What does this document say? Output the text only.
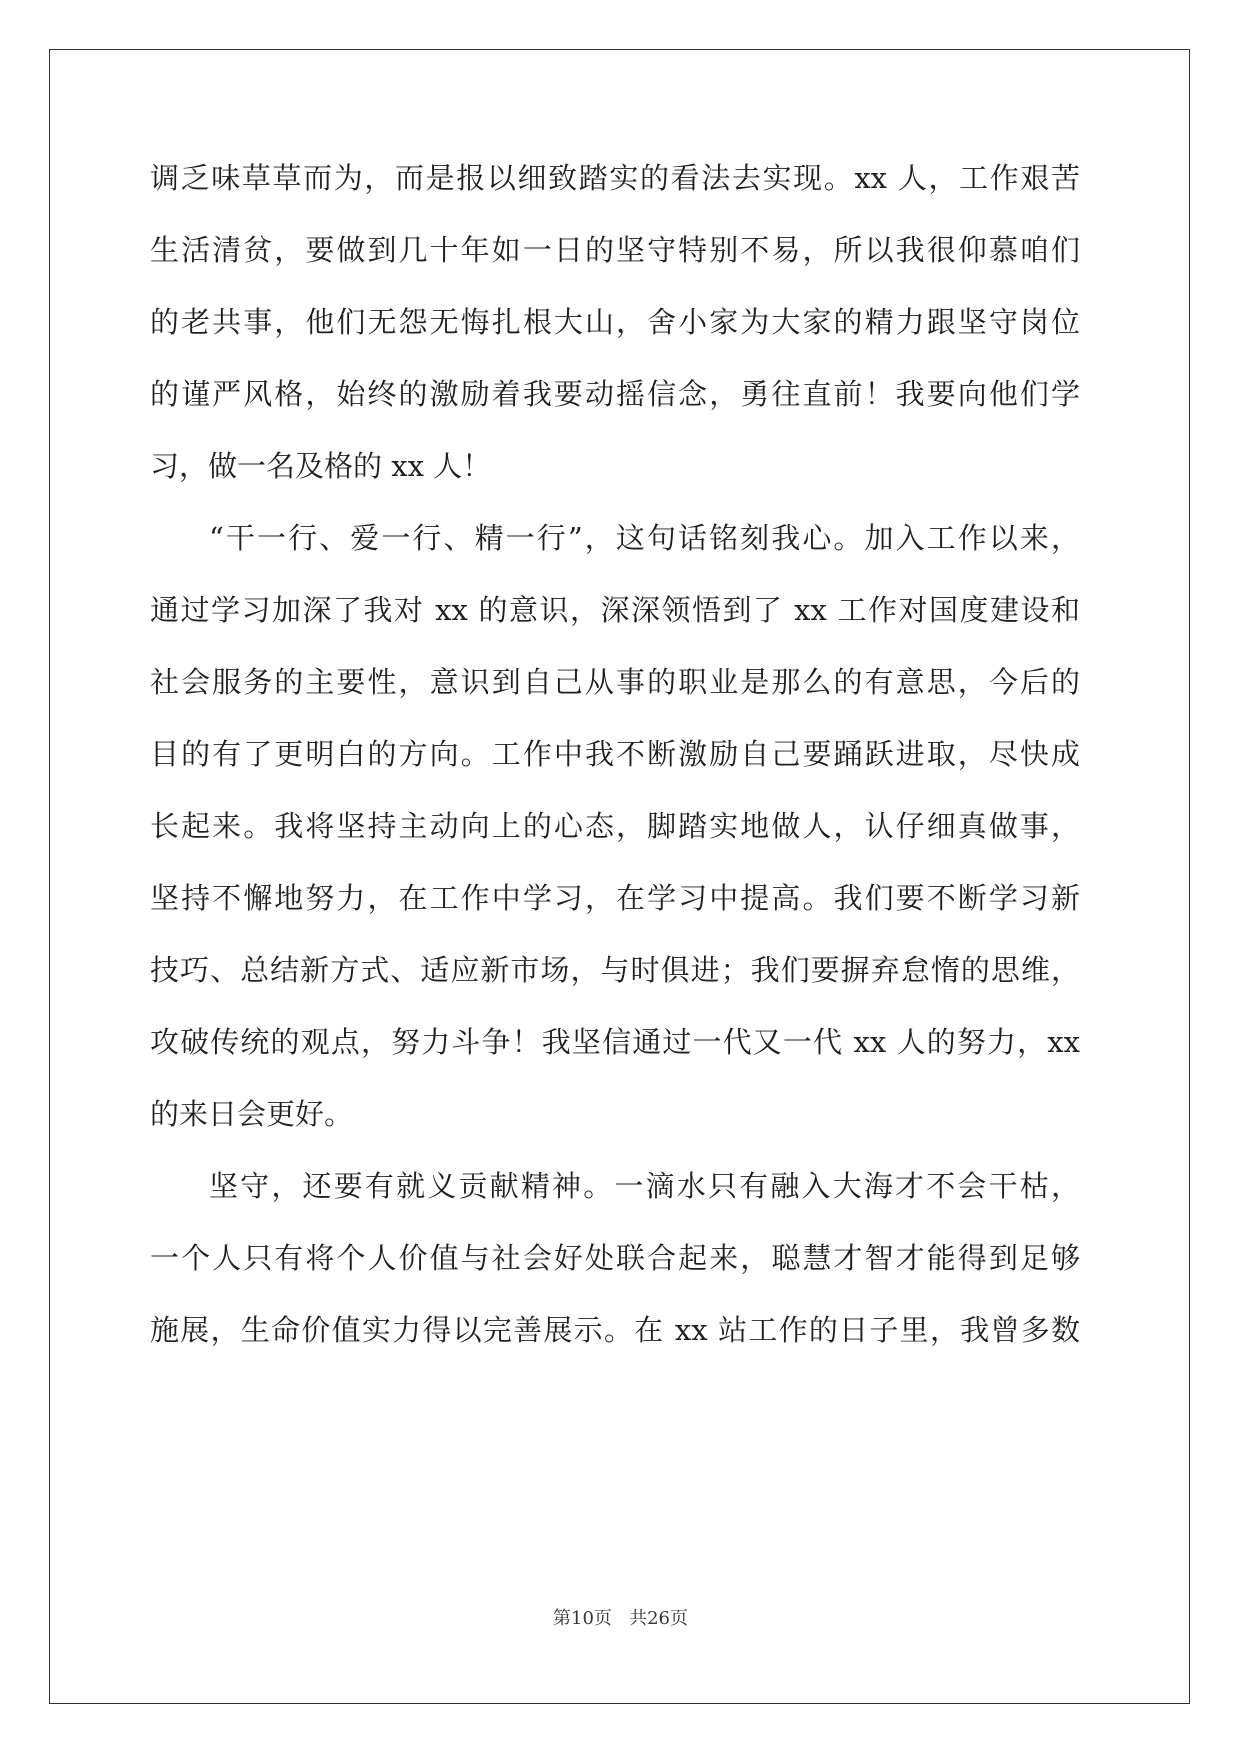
调乏味草草而为，而是报以细致踏实的看法去实现。xx 人，工作艰苦
生活清贫，要做到几十年如一日的坚守特别不易，所以我很仰慕咱们
的老共事，他们无怨无悔扎根大山，舍小家为大家的精力跟坚守岗位
的谨严风格，始终的激励着我要动摇信念，勇往直前！我要向他们学
习，做一名及格的 xx 人！
“干一行、爱一行、精一行”，这句话铭刻我心。加入工作以来，
通过学习加深了我对 xx 的意识，深深领悟到了 xx 工作对国度建设和
社会服务的主要性，意识到自己从事的职业是那么的有意思，今后的
目的有了更明白的方向。工作中我不断激励自己要踊跃进取，尽快成
长起来。我将坚持主动向上的心态，脚踏实地做人，认仔细真做事，
坚持不懈地努力，在工作中学习，在学习中提高。我们要不断学习新
技巧、总结新方式、适应新市场，与时俱进；我们要摒弃怠惰的思维，
攻破传统的观点，努力斗争！我坚信通过一代又一代 xx 人的努力，xx
的来日会更好。
坚守，还要有就义贡献精神。一滴水只有融入大海才不会干枯，
一个人只有将个人价值与社会好处联合起来，聪慧才智才能得到足够
施展，生命价值实力得以完善展示。在 xx 站工作的日子里，我曾多数
第10页   共26页
